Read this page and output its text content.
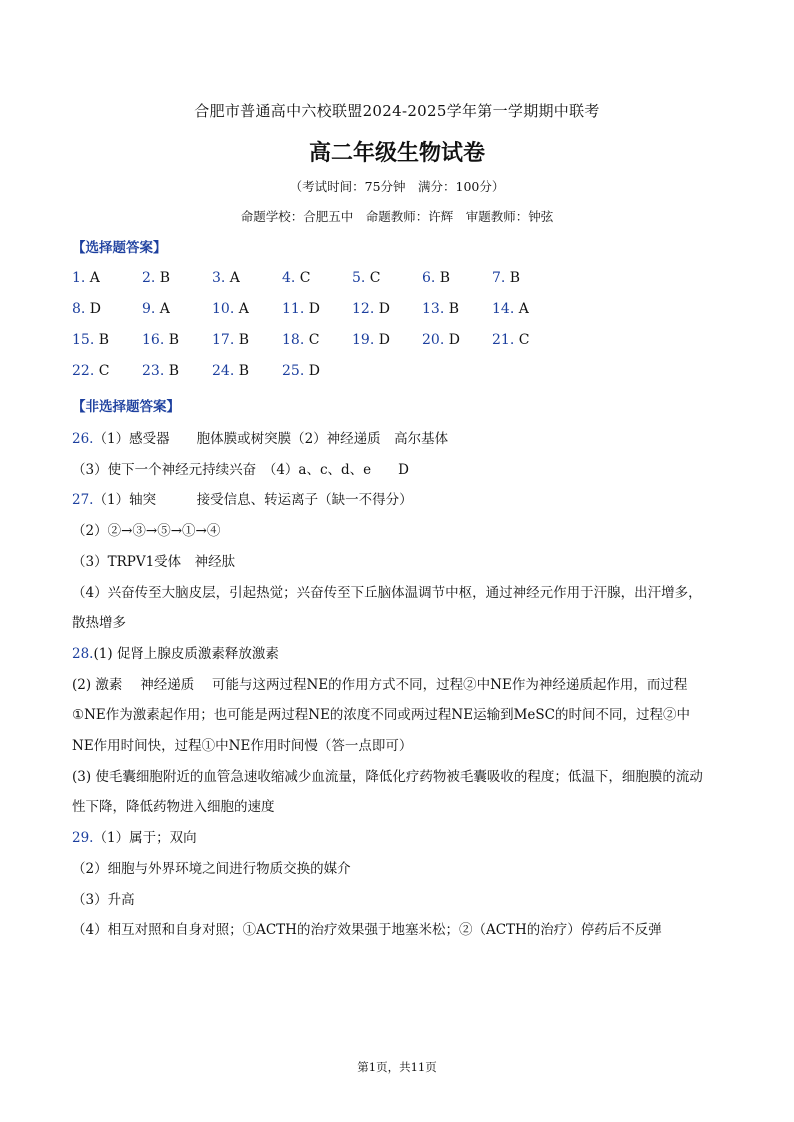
合肥市普通高中六校联盟2024-2025学年第一学期期中联考
高二年级生物试卷
（考试时间：75分钟　满分：100分）
命题学校：合肥五中　命题教师：许辉　审题教师：钟弦
【选择题答案】
1. A	2. B	3. A	4. C	5. C	6. B	7. B
8. D	9. A	10. A 11. D 12. D 13. B 14. A
15. B 16. B 17. B 18. C 19. D 20. D 21. C
22. C 23. B 24. B 25. D
【非选择题答案】
26.（1）感受器　　胞体膜或树突膜（2）神经递质　高尔基体
（3）使下一个神经元持续兴奋　（4）a、c、d、e　　D
27.（1）轴突　　　接受信息、转运离子（缺一不得分）
（2）②→③→⑤→①→④
（3）TRPV1受体　神经肽
（4）兴奋传至大脑皮层，引起热觉；兴奋传至下丘脑体温调节中枢，通过神经元作用于汗腺，出汗增多，
散热增多
28.(1) 促肾上腺皮质激素释放激素
(2) 激素　 神经递质　 可能与这两过程NE的作用方式不同，过程②中NE作为神经递质起作用，而过程
①NE作为激素起作用；也可能是两过程NE的浓度不同或两过程NE运输到MeSC的时间不同，过程②中
NE作用时间快，过程①中NE作用时间慢（答一点即可）
(3) 使毛囊细胞附近的血管急速收缩减少血流量，降低化疗药物被毛囊吸收的程度；低温下，细胞膜的流动
性下降，降低药物进入细胞的速度
29.（1）属于；双向
（2）细胞与外界环境之间进行物质交换的媒介
（3）升高
（4）相互对照和自身对照；①ACTH的治疗效果强于地塞米松；②（ACTH的治疗）停药后不反弹
第1页，共11页
